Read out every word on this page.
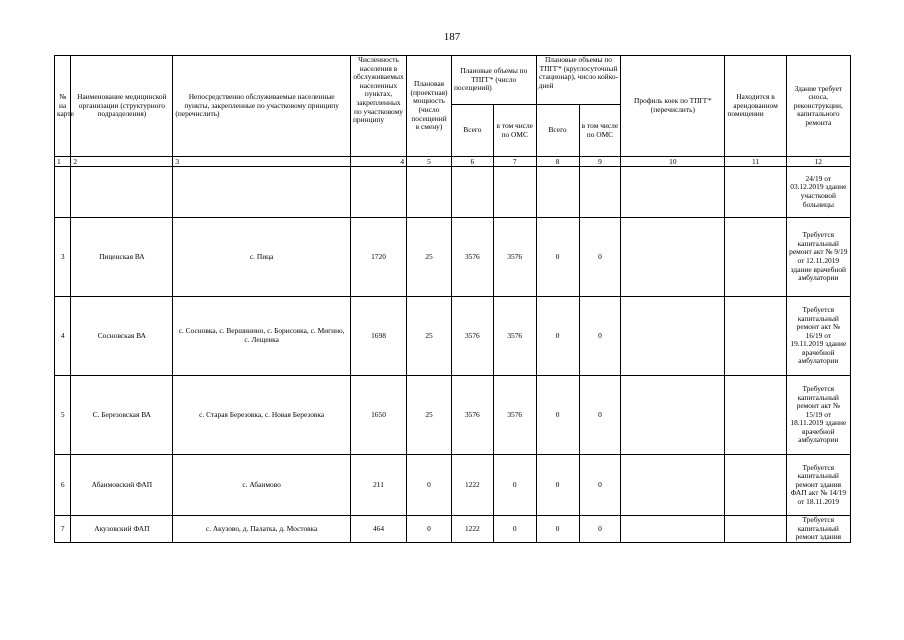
187
№ на карте	Наименование медицинской организации (структурного подразделения)	Непосредственно обслуживаемые населенные пункты, закрепленные по участковому принципу (перечислить)	Численность населения в обслуживаемых населенных пунктах, закрепленных по участковому принципу	Плановая (проектная) мощность (число посещений в смену)	Плановые объемы по ТПГГ* (число посещений)		Плановые объемы по ТПГГ* (круглосуточный стационар), число койко-дней		Профиль коек по ТПГГ* (перечислить)	Находится в арендованном помещении	Здание требует сноса, реконструкции, капитального ремонта
					Всего	в том числе по ОМС	Всего	в том числе по ОМС			
1	2	3	4	5	6	7	8	9	10	11	12
											24/19 от 03.12.2019 здание участковой больницы
3	Пиценская ВА	с. Пица	1720	25	3576	3576	0	0			Требуется капитальный ремонт акт № 9/19 от 12.11.2019 здание врачебной амбулатории
4	Сосновская ВА	с. Сосновка, с. Вершинино, с. Борисовка, с. Мигино, с. Лещевка	1698	25	3576	3576	0	0			Требуется капитальный ремонт акт № 16/19 от 19.11.2019 здание врачебной амбулатории
5	С. Березовская ВА	с. Старая Березовка, с. Новая Березовка	1650	25	3576	3576	0	0			Требуется капитальный ремонт акт № 15/19 от 18.11.2019 здание врачебной амбулатории
6	Абаимовский ФАП	с. Абаимово	211	0	1222	0	0	0			Требуется капитальный ремонт здания ФАП акт № 14/19 от 18.11.2019
7	Акузовский ФАП	с. Акузово, д. Палатка, д. Мостовка	464	0	1222	0	0	0			Требуется капитальный ремонт здания
